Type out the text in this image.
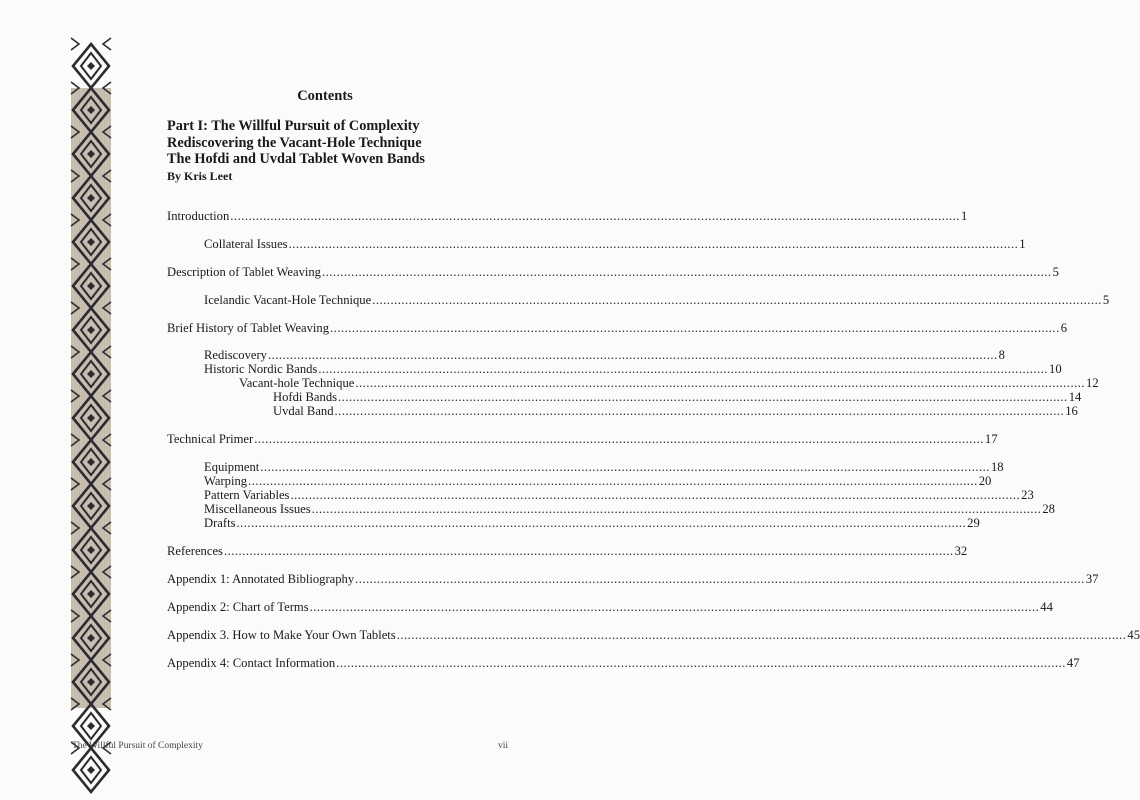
Contents
Part I: The Willful Pursuit of Complexity
Rediscovering the Vacant-Hole Technique
The Hofdi and Uvdal Tablet Woven Bands
By Kris Leet
Introduction ........................................................................................................................................................................................................ 1
Collateral Issues ........................................................................................................................................................................................................ 1
Description of Tablet Weaving ........................................................................................................................................................................................................ 5
Icelandic Vacant-Hole Technique ........................................................................................................................................................................................................ 5
Brief History of Tablet Weaving ........................................................................................................................................................................................................ 6
Rediscovery ........................................................................................................................................................................................................ 8
Historic Nordic Bands ........................................................................................................................................................................................................ 10
Vacant-hole Technique ........................................................................................................................................................................................................ 12
Hofdi Bands ........................................................................................................................................................................................................ 14
Uvdal Band ........................................................................................................................................................................................................ 16
Technical Primer ........................................................................................................................................................................................................ 17
Equipment ........................................................................................................................................................................................................ 18
Warping ........................................................................................................................................................................................................ 20
Pattern Variables ........................................................................................................................................................................................................ 23
Miscellaneous Issues ........................................................................................................................................................................................................ 28
Drafts ........................................................................................................................................................................................................ 29
References ........................................................................................................................................................................................................ 32
Appendix 1: Annotated Bibliography ........................................................................................................................................................................................................ 37
Appendix 2: Chart of Terms ........................................................................................................................................................................................................ 44
Appendix 3. How to Make Your Own Tablets ........................................................................................................................................................................................................ 45
Appendix 4: Contact Information ........................................................................................................................................................................................................ 47
The Willful Pursuit of Complexity	vii
